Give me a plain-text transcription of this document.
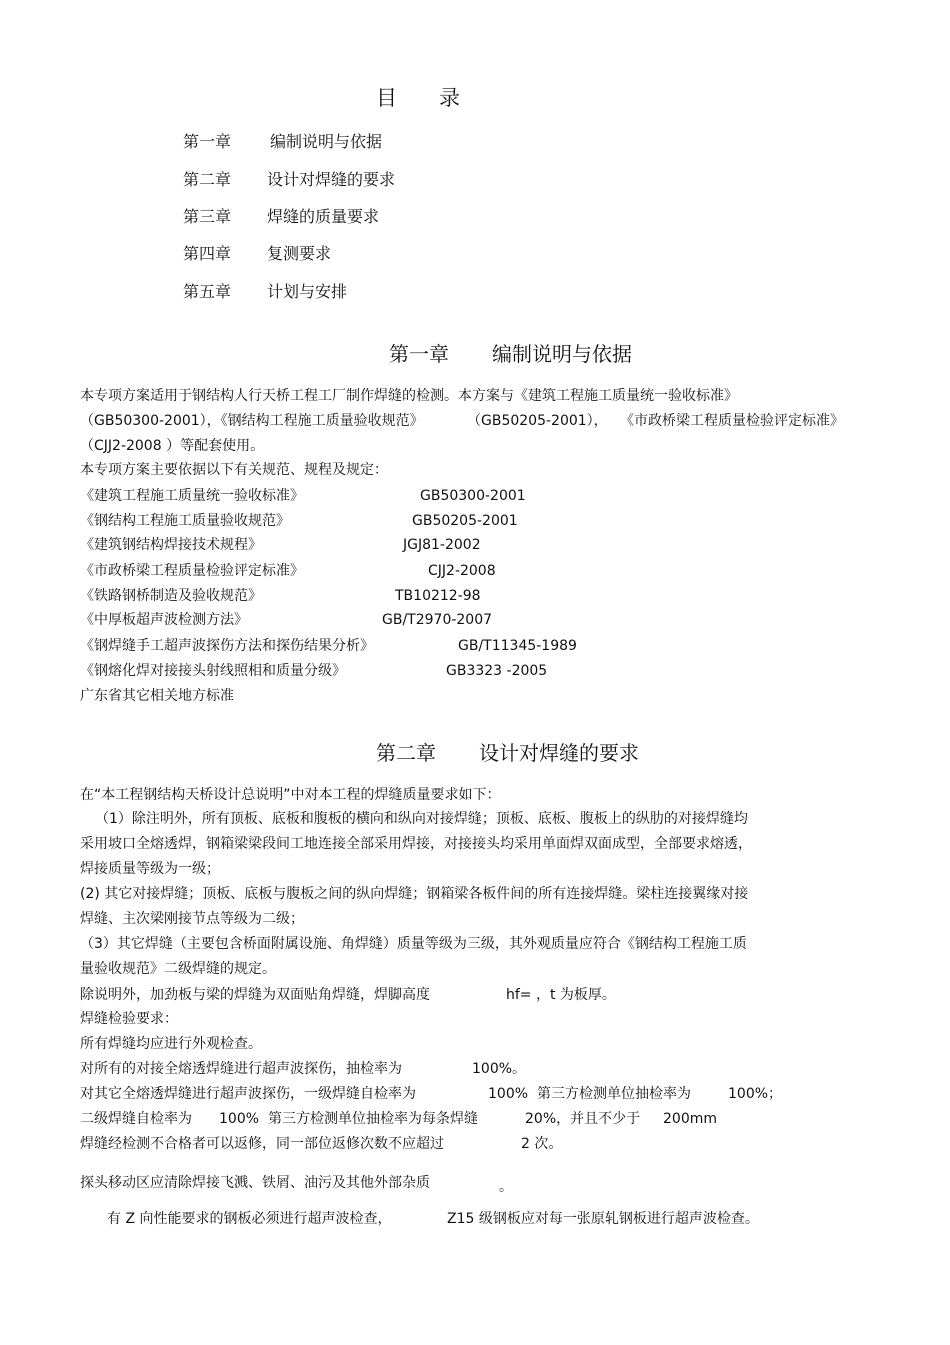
目　　录
第一章 编制说明与依据
第二章 设计对焊缝的要求
第三章 焊缝的质量要求
第四章 复测要求
第五章 计划与安排
第一章 编制说明与依据
本专项方案适用于钢结构人行天桥工程工厂制作焊缝的检测。本方案与《建筑工程施工质量统一验收标准》
（GB50300-2001），《钢结构工程施工质量验收规范》	（GB50205-2001）， 《市政桥梁工程质量检验评定标准》
（CJJ2-2008 ）等配套使用。
本专项方案主要依据以下有关规范、规程及规定：
《建筑工程施工质量统一验收标准》	GB50300-2001
《钢结构工程施工质量验收规范》	GB50205-2001
《建筑钢结构焊接技术规程》	JGJ81-2002
《市政桥梁工程质量检验评定标准》	CJJ2-2008
《铁路钢桥制造及验收规范》	TB10212-98
《中厚板超声波检测方法》	GB/T2970-2007
《钢焊缝手工超声波探伤方法和探伤结果分析》	GB/T11345-1989
《钢熔化焊对接接头射线照相和质量分级》	GB3323 -2005
广东省其它相关地方标准
第二章 设计对焊缝的要求
在“本工程钢结构天桥设计总说明”中对本工程的焊缝质量要求如下：
（1）除注明外，所有顶板、底板和腹板的横向和纵向对接焊缝；顶板、底板、腹板上的纵肋的对接焊缝均
采用坡口全熔透焊，钢箱梁梁段间工地连接全部采用焊接，对接接头均采用单面焊双面成型，全部要求熔透，
焊接质量等级为一级；
(2) 其它对接焊缝；顶板、底板与腹板之间的纵向焊缝；钢箱梁各板件间的所有连接焊缝。梁柱连接翼缘对接
焊缝、主次梁刚接节点等级为二级；
（3）其它焊缝（主要包含桥面附属设施、角焊缝）质量等级为三级，其外观质量应符合《钢结构工程施工质
量验收规范》二级焊缝的规定。
除说明外，加劲板与梁的焊缝为双面贴角焊缝，焊脚高度	hf= ，t 为板厚。
焊缝检验要求：
所有焊缝均应进行外观检查。
对所有的对接全熔透焊缝进行超声波探伤，抽检率为	100%。
对其它全熔透焊缝进行超声波探伤，一级焊缝自检率为	100% 第三方检测单位抽检率为	100%；
二级焊缝自检率为 100% 第三方检测单位抽检率为每条焊缝	20%，并且不少于 200mm
焊缝经检测不合格者可以返修，同一部位返修次数不应超过	2 次。
探头移动区应清除焊接飞溅、铁屑、油污及其他外部杂质	。
有 Z 向性能要求的钢板必须进行超声波检查，	Z15 级钢板应对每一张原轧钢板进行超声波检查。
